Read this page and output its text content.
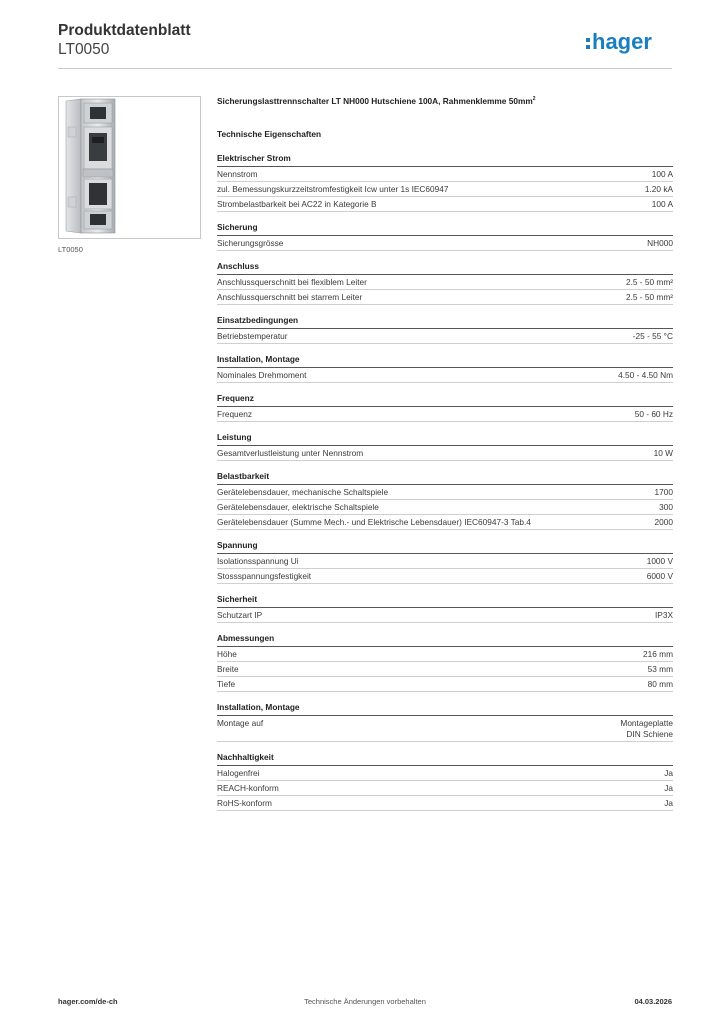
Produktdatenblatt
LT0050	hager
LT0050
Sicherungslasttrennschalter LT NH000 Hutschiene 100A, Rahmenklemme $50mm^2$
Technische Eigenschaften
Elektrischer Strom
Nennstrom	100 A
zul. Bemessungskurzzeitstromfestigkeit Icw unter 1s IEC60947	1.20 kA
Strombelastbarkeit bei AC22 in Kategorie B	100 A
Sicherung
Sicherungsgrösse	NH000
Anschluss
Anschlussquerschnitt bei flexiblem Leiter	2.5 - 50 mm²
Anschlussquerschnitt bei starrem Leiter	2.5 - 50 mm²
Einsatzbedingungen
Betriebstemperatur	-25 - 55 °C
Installation, Montage
Nominales Drehmoment	4.50 - 4.50 Nm
Frequenz
Frequenz	50 - 60 Hz
Leistung
Gesamtverlustleistung unter Nennstrom	10 W
Belastbarkeit
Gerätelebensdauer, mechanische Schaltspiele	1700
Gerätelebensdauer, elektrische Schaltspiele	300
Gerätelebensdauer (Summe Mech.- und Elektrische Lebensdauer) IEC60947-3 Tab.4	2000
Spannung
Isolationsspannung Ui	1000 V
Stossspannungsfestigkeit	6000 V
Sicherheit
Schutzart IP	IP3X
Abmessungen
Höhe	216 mm
Breite	53 mm
Tiefe	80 mm
Installation, Montage
Montage auf	Montageplatte
DIN Schiene
Nachhaltigkeit
Halogenfrei	Ja
REACH-konform	Ja
RoHS-konform	Ja
Technische Änderungen vorbehalten
hager.com/de-ch	04.03.2026
